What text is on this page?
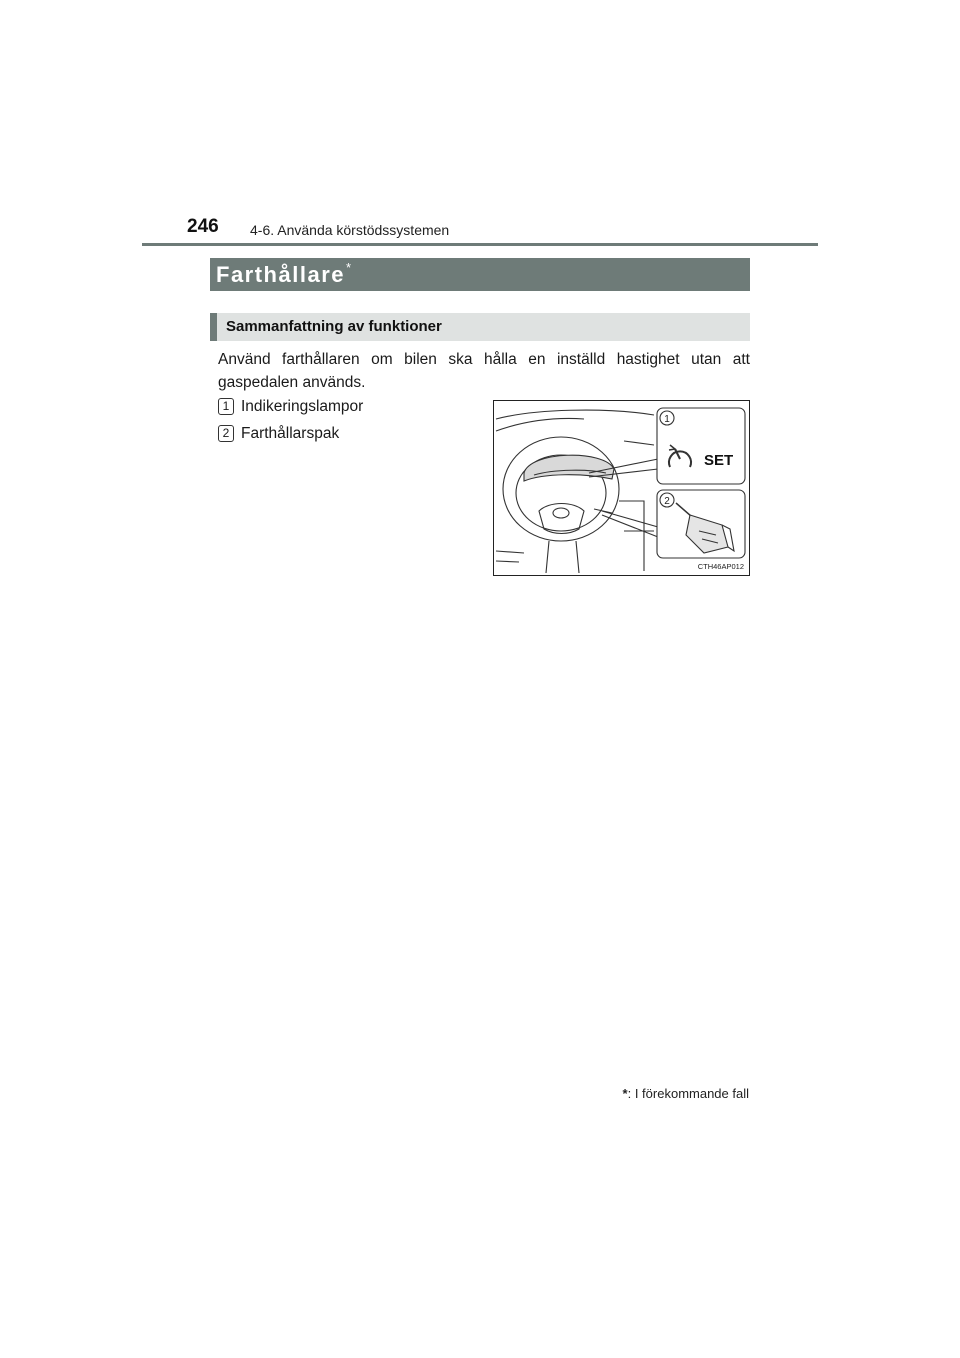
246 4-6. Använda körstödssystemen
Farthållare*
Sammanfattning av funktioner

Använd farthållaren om bilen ska hålla en inställd hastighet utan att gaspedalen används.

1 Indikeringslampor
2 Farthållarspak
1
2
SET
CTH46AP012
*: I förekommande fall
